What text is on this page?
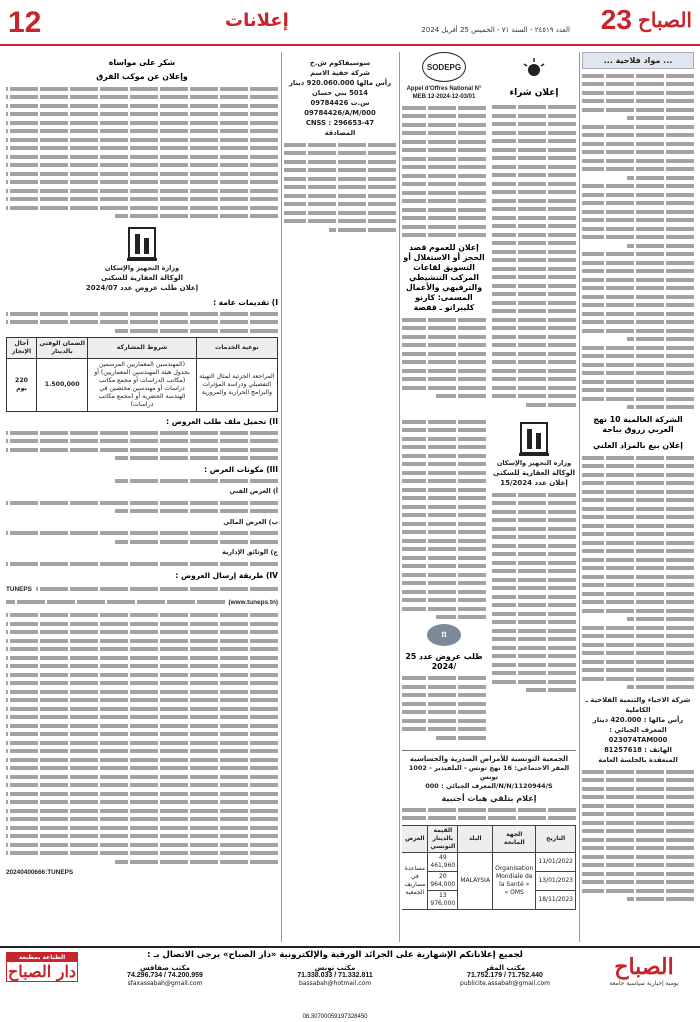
12	إعلانات	العدد ٢٤٥١٩ - السنة ٧١ - الخميس 25 أفريل 2024 23 الصباح
... مواد فلاحية ...
الشركة العالمية 10 نهج العربي زروق بباجة
إعلان بيع بالمزاد العلني
شركة الاحياء والتنمية الفلاحية ـ الكاملية
رأس مالها : 420.000 دينار
المعرف الجبائي : 023074TAM000
الهاتف : 81257618
المنعقدة بالجلسة العامة
إعلان شراء
SODEPG
Appel d'Offres National N° MEB 12-2024-12-03/01
إعلان للعموم قصد الحجز أو الاستغلال أو التسويق لقاعات المركب التنشيطي والترفيهي والأعمال المسمى: كارنو كليبراتو ـ قفصة
وزارة التجهيز والإسكان
الوكالة العقارية للسكنى
إعلان عدد 15/2024
tt
طلب عروض عدد 25 /2024
الجمعية التونسية للأمراض الصدرية والحساسية
المقر الاجتماعي: 16 نهج تونس - البلفيدير - 1002 تونس
المعرف الجبائي : 000/N/N/1120944/S
إعلام بتلقي هبات أجنبية
التاريخ	الجهة المانحة	البلد	القيمة بالدينار التونسي	الغرض
11/01/2022	Organisation Mondiale de la Santé « OMS »	MALAYSIA	49 461,960	مساعدة في مصاريف الجمعية
13/01/2023			20 964,000	
18/11/2023			13 976,000	
سوسيفاكوم ش.خ
شركة خفية الاسم
رأس مالها 920.060.000 دينار
5014 بني حسان
س.ت 09784426
09784426/A/M/000
CNSS : 296653-47
المصادقة
شكر على مواساة
وإعلان عن موكب الفرق
وزارة التجهيز والإسكان
الوكالة العقارية للسكنى
إعلان طلب عروض عدد 2024/07
I) تقديمات عامة :
نوعية الخدمات	شروط المشاركة	الضمان الوقتي بالدينار	آجال الإنجاز
المراجعة الجزئية لمثال التهيئة التفصيلي ودراسة المؤثرات والبرامج الحرارية والمرورية	(المهندسين المعماريين المرسمين بجدول هيئة المهندسين المعماريين) أو (مكاتب الدراسات أو مجمع مكاتب دراسات أو مهندسين مختصين في الهندسة الحضرية أو (مجمع مكاتب دراسات)	1.500,000	220 يوم
II) تحميل ملف طلب العروض :
III) مكونات العرض :
أ) العرض الفني
ب) العرض المالي
ج) الوثائق الإدارية
IV) طريقة إرسال العروض :
TUNEPS
(www.tuneps.tn)
20240400666:TUNEPS
لجميع إعلاناتكم الإشهارية على الجرائد الورقية والإلكترونية «دار الصباح» يرجى الاتصال بـ :	الصباح
يومية إخبارية سياسية جامعة
الطباعة بمطبعة
دار الصباح	مكتب المقر
71.752.179 / 71.752.440
publicite.assabah@gmail.com
مكتب تونس
71.338.033 / 71.332.811
bassabah@hotmail.com
مكتب صفاقس
74.296.734 / 74.200.959
sfaxassabah@gmail.com
08.30700059197328450
